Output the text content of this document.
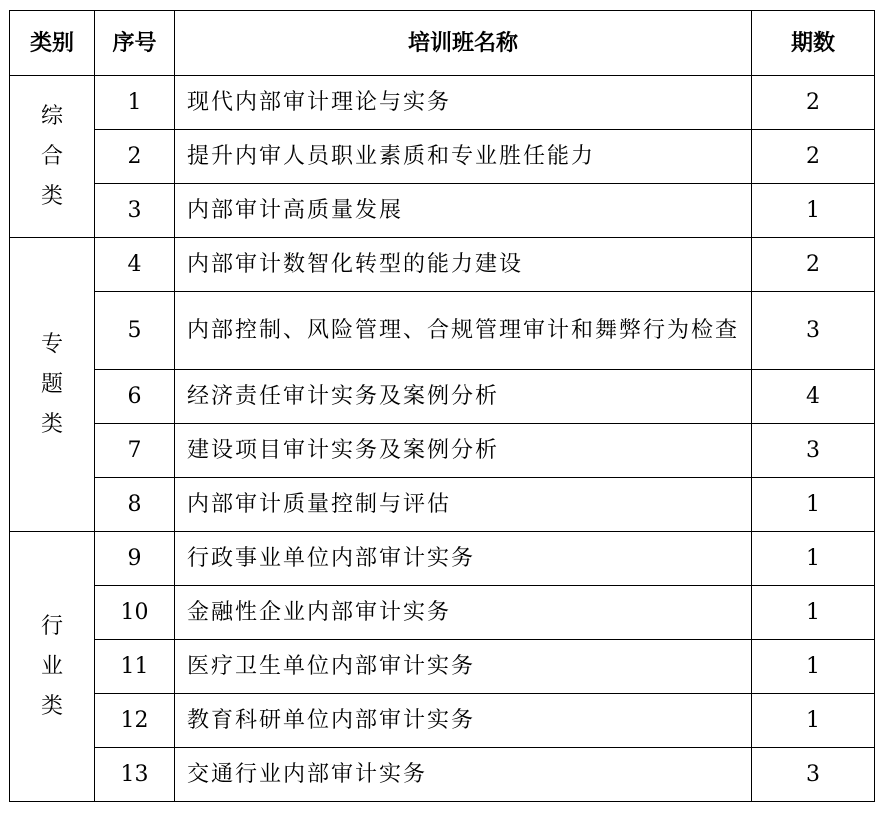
类别	序号	培训班名称	期数

综合类	1	现代内部审计理论与实务	2
	2	提升内审人员职业素质和专业胜任能力	2
	3	内部审计高质量发展	1

专题类	4	内部审计数智化转型的能力建设	2
	5	内部控制、风险管理、合规管理审计和舞弊行为检查	3
	6	经济责任审计实务及案例分析	4
	7	建设项目审计实务及案例分析	3
	8	内部审计质量控制与评估	1

行业类	9	行政事业单位内部审计实务	1
	10	金融性企业内部审计实务	1
	11	医疗卫生单位内部审计实务	1
	12	教育科研单位内部审计实务	1
	13	交通行业内部审计实务	3
